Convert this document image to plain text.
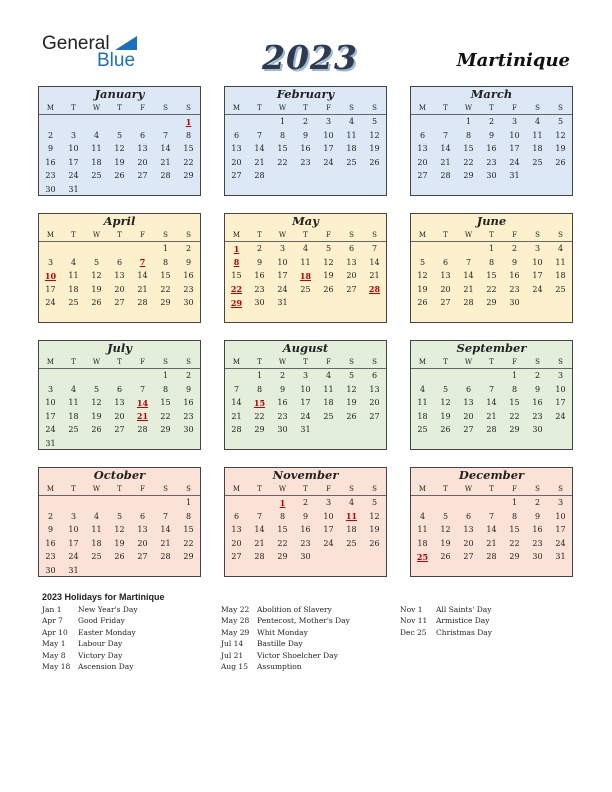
General
Blue	2023	Martinique
January
M	T	W	T	F	S	S
						1
2	3	4	5	6	7	8
9	10	11	12	13	14	15
16	17	18	19	20	21	22
23	24	25	26	27	28	29
30	31					
February
M	T	W	T	F	S	S
		1	2	3	4	5
6	7	8	9	10	11	12
13	14	15	16	17	18	19
20	21	22	23	24	25	26
27	28					

March
M	T	W	T	F	S	S
		1	2	3	4	5
6	7	8	9	10	11	12
13	14	15	16	17	18	19
20	21	22	23	24	25	26
27	28	29	30	31		

April
M	T	W	T	F	S	S
					1	2
3	4	5	6	7	8	9
10	11	12	13	14	15	16
17	18	19	20	21	22	23
24	25	26	27	28	29	30

May
M	T	W	T	F	S	S
1	2	3	4	5	6	7
8	9	10	11	12	13	14
15	16	17	18	19	20	21
22	23	24	25	26	27	28
29	30	31				

June
M	T	W	T	F	S	S
			1	2	3	4
5	6	7	8	9	10	11
12	13	14	15	16	17	18
19	20	21	22	23	24	25
26	27	28	29	30		

July
M	T	W	T	F	S	S
					1	2
3	4	5	6	7	8	9
10	11	12	13	14	15	16
17	18	19	20	21	22	23
24	25	26	27	28	29	30
31						
August
M	T	W	T	F	S	S
	1	2	3	4	5	6
7	8	9	10	11	12	13
14	15	16	17	18	19	20
21	22	23	24	25	26	27
28	29	30	31			

September
M	T	W	T	F	S	S
				1	2	3
4	5	6	7	8	9	10
11	12	13	14	15	16	17
18	19	20	21	22	23	24
25	26	27	28	29	30	

October
M	T	W	T	F	S	S
						1
2	3	4	5	6	7	8
9	10	11	12	13	14	15
16	17	18	19	20	21	22
23	24	25	26	27	28	29
30	31					
November
M	T	W	T	F	S	S
		1	2	3	4	5
6	7	8	9	10	11	12
13	14	15	16	17	18	19
20	21	22	23	24	25	26
27	28	29	30			

December
M	T	W	T	F	S	S
				1	2	3
4	5	6	7	8	9	10
11	12	13	14	15	16	17
18	19	20	21	22	23	24
25	26	27	28	29	30	31

2023 Holidays for Martinique
Jan 1 New Year's Day
Apr 7 Good Friday
Apr 10 Easter Monday
May 1 Labour Day
May 8 Victory Day
May 18 Ascension Day
May 22 Abolition of Slavery
May 28 Pentecost, Mother's Day
May 29 Whit Monday
Jul 14 Bastille Day
Jul 21 Victor Shoelcher Day
Aug 15 Assumption
Nov 1 All Saints' Day
Nov 11 Armistice Day
Dec 25 Christmas Day
